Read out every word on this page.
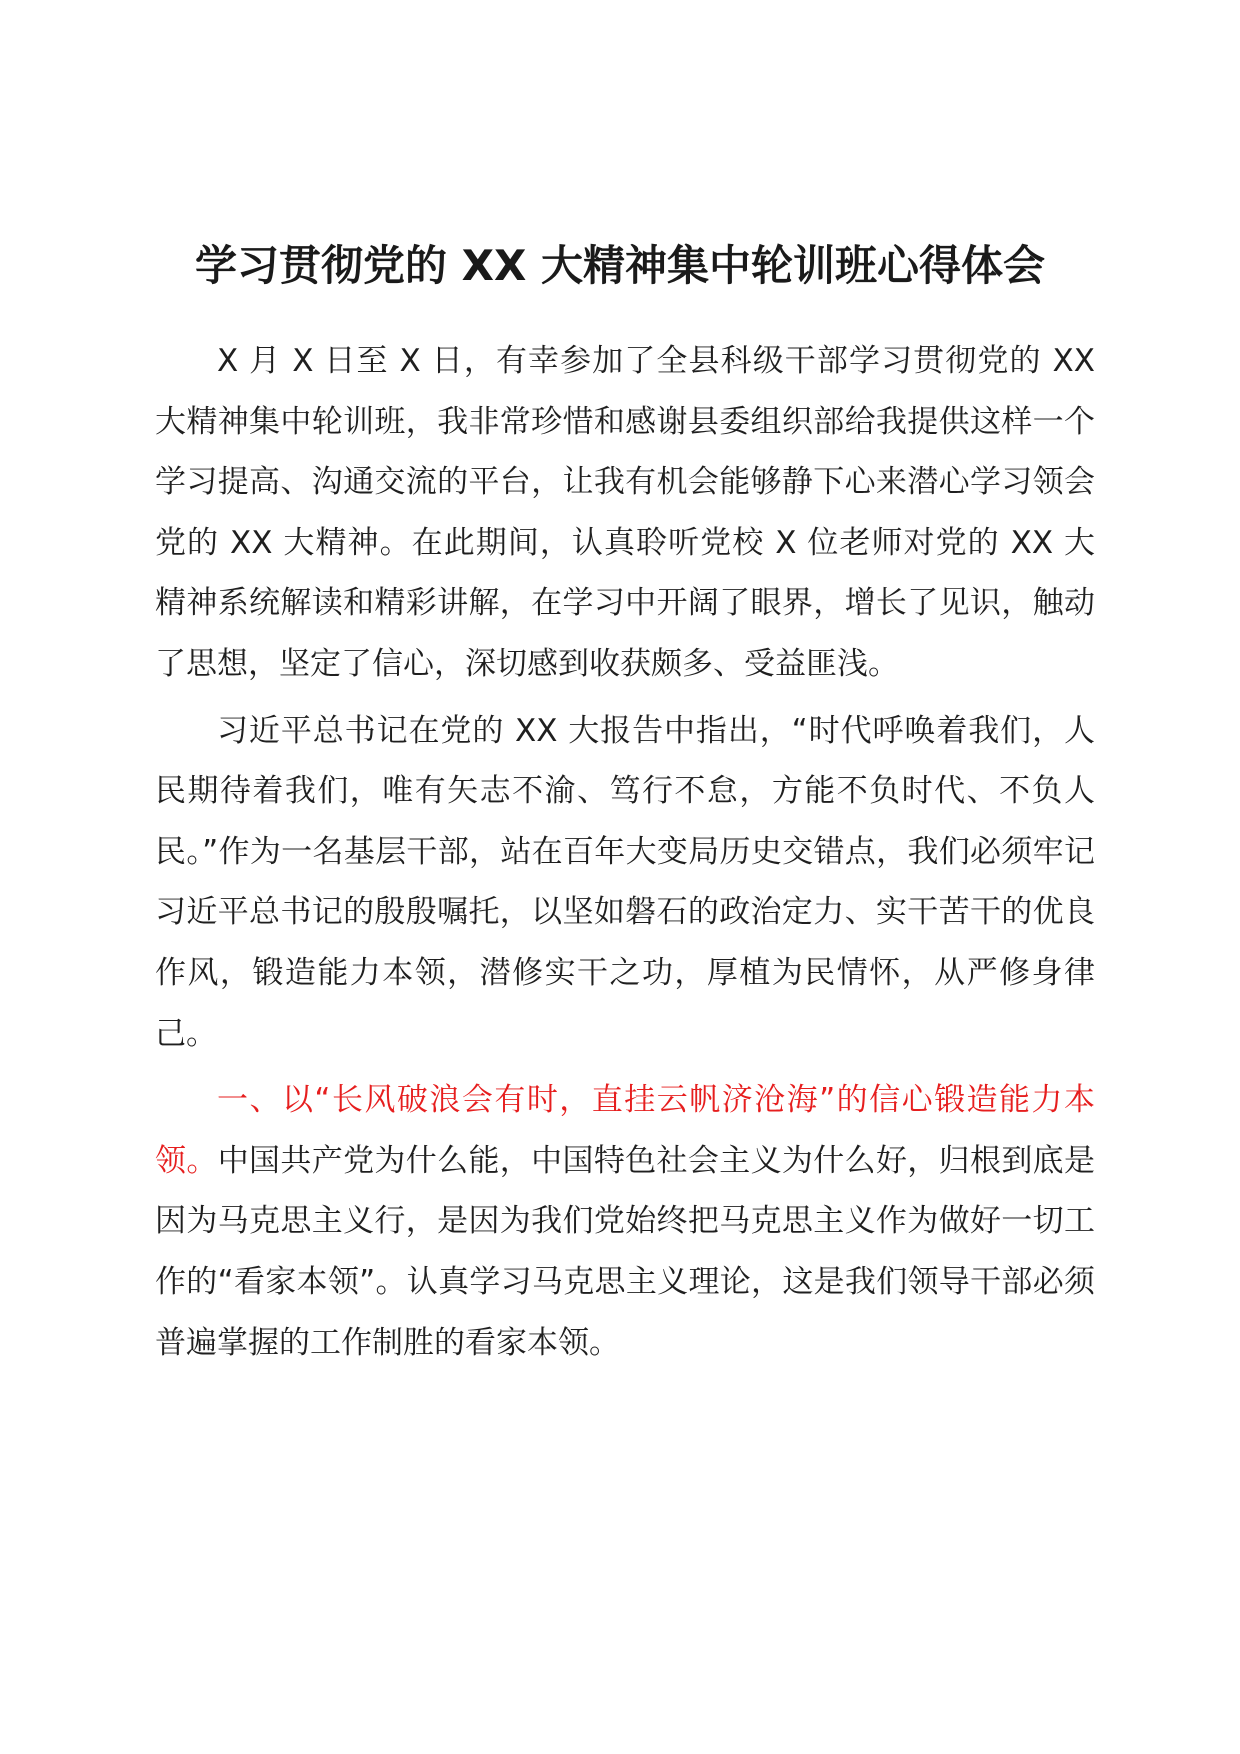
学习贯彻党的 XX 大精神集中轮训班心得体会

X 月 X 日至 X 日，有幸参加了全县科级干部学习贯彻党的 XX 大精神集中轮训班，我非常珍惜和感谢县委组织部给我提供这样一个学习提高、沟通交流的平台，让我有机会能够静下心来潜心学习领会党的 XX 大精神。在此期间，认真聆听党校 X 位老师对党的 XX 大精神系统解读和精彩讲解，在学习中开阔了眼界，增长了见识，触动了思想，坚定了信心，深切感到收获颇多、受益匪浅。

习近平总书记在党的 XX 大报告中指出，“时代呼唤着我们，人民期待着我们，唯有矢志不渝、笃行不怠，方能不负时代、不负人民。”作为一名基层干部，站在百年大变局历史交错点，我们必须牢记习近平总书记的殷殷嘱托，以坚如磐石的政治定力、实干苦干的优良作风，锻造能力本领，潜修实干之功，厚植为民情怀，从严修身律己。

一、以“长风破浪会有时，直挂云帆济沧海”的信心锻造能力本领。中国共产党为什么能，中国特色社会主义为什么好，归根到底是因为马克思主义行，是因为我们党始终把马克思主义作为做好一切工作的“看家本领”。认真学习马克思主义理论，这是我们领导干部必须普遍掌握的工作制胜的看家本领。
